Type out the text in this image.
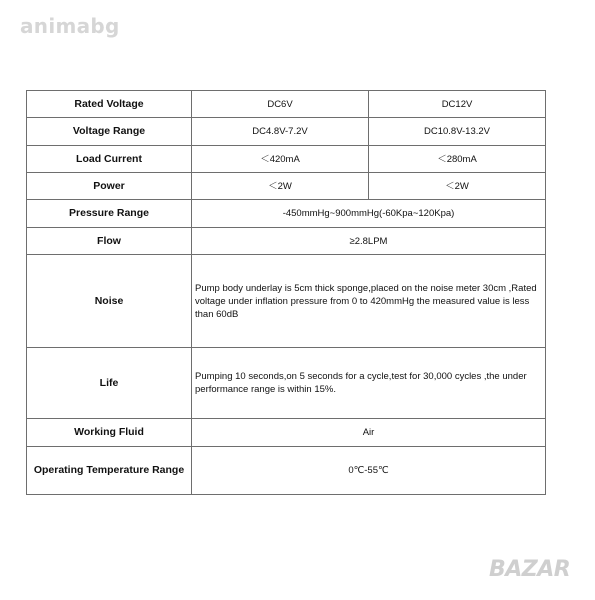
animabg
Rated Voltage	DC6V	DC12V
Voltage Range	DC4.8V-7.2V	DC10.8V-13.2V
Load Current	＜420mA	＜280mA
Power	＜2W	＜2W
Pressure Range	-450mmHg~900mmHg(-60Kpa~120Kpa)	
Flow	≥2.8LPM	
Noise	Pump body underlay is 5cm thick sponge,placed on the noise meter 30cm ,Rated voltage under inflation pressure from 0 to 420mmHg the measured value is less than 60dB	
Life	Pumping 10 seconds,on 5 seconds for a cycle,test for 30,000 cycles ,the under performance range is within 15%.	
Working Fluid	Air	
Operating Temperature Range	0℃-55℃	
BAZAR
